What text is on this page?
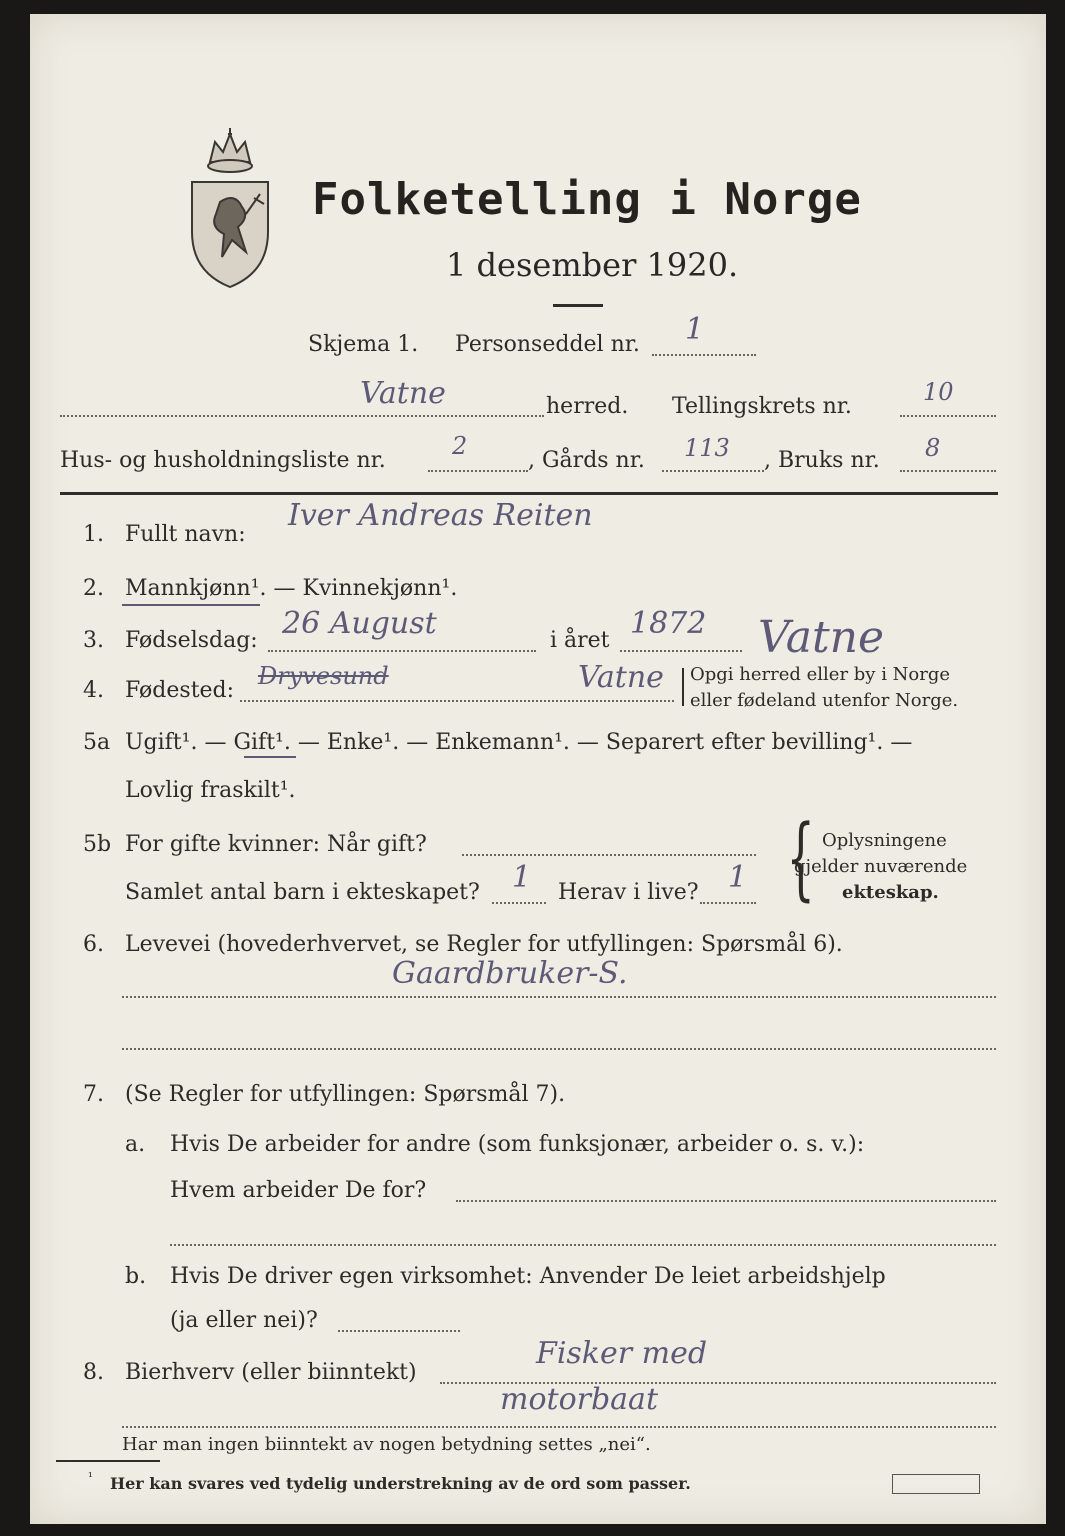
Folketelling i Norge
1 desember 1920.
Skjema 1. Personseddel nr. 1
Vatne	herred. Tellingskrets nr.
10
Hus- og husholdningsliste nr.
2
, Gårds nr. 113 , Bruks nr. 8
1. Fullt navn:
Iver Andreas Reiten
2. Mannkjønn¹. — Kvinnekjønn¹.
3. Fødselsdag: 26 August	i året 1872 Vatne
4. Fødested:
Dryvesund	Vatne Opgi herred eller by i Norge
eller fødeland utenfor Norge.
5a Ugift¹. — Gift¹. — Enke¹. — Enkemann¹. — Separert efter bevilling¹. —
Lovlig fraskilt¹.
5b For gifte kvinner: Når gift?
Samlet antal barn i ekteskapet? 1 Herav i live? 1 { Oplysningene
gjelder nuværende
ekteskap.
6. Levevei (hovederhvervet, se Regler for utfyllingen: Spørsmål 6).
Gaardbruker-S.
7. (Se Regler for utfyllingen: Spørsmål 7).
a. Hvis De arbeider for andre (som funksjonær, arbeider o. s. v.):
Hvem arbeider De for?
b. Hvis De driver egen virksomhet: Anvender De leiet arbeidshjelp
(ja eller nei)?
8. Bierhverv (eller biinntekt)
Fisker med
motorbaat
Har man ingen biinntekt av nogen betydning settes „nei“.
¹ Her kan svares ved tydelig understrekning av de ord som passer.
